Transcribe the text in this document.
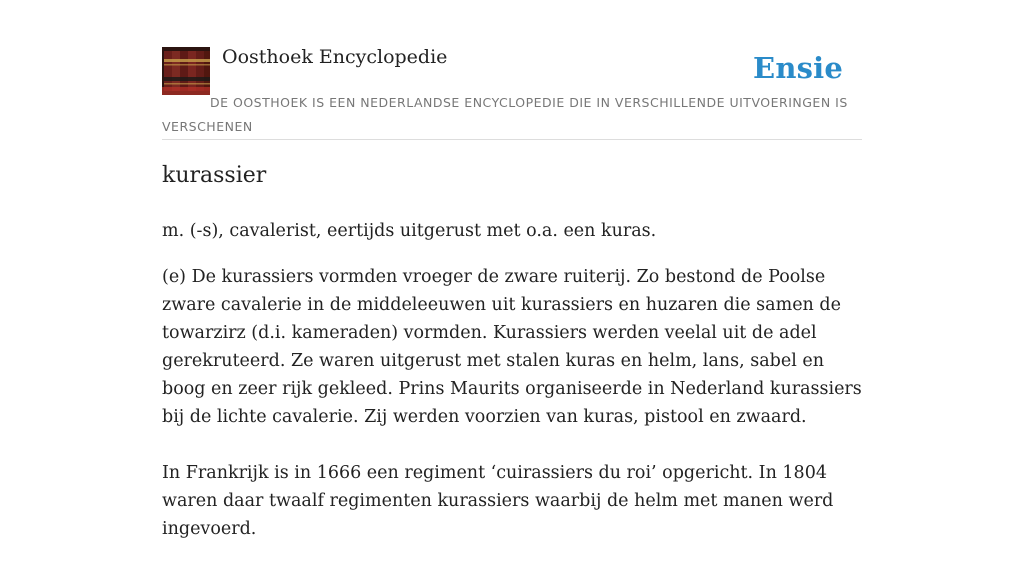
Oosthoek Encyclopedie	Ensie
DE OOSTHOEK IS EEN NEDERLANDSE ENCYCLOPEDIE DIE IN VERSCHILLENDE UITVOERINGEN IS VERSCHENEN
kurassier

m. (-s), cavalerist, eertijds uitgerust met o.a. een kuras.

(e) De kurassiers vormden vroeger de zware ruiterij. Zo bestond de Poolse zware cavalerie in de middeleeuwen uit kurassiers en huzaren die samen de towarzirz (d.i. kameraden) vormden. Kurassiers werden veelal uit de adel gerekruteerd. Ze waren uitgerust met stalen kuras en helm, lans, sabel en boog en zeer rijk gekleed. Prins Maurits organiseerde in Nederland kurassiers bij de lichte cavalerie. Zij werden voorzien van kuras, pistool en zwaard.

In Frankrijk is in 1666 een regiment ‘cuirassiers du roi’ opgericht. In 1804 waren daar twaalf regimenten kurassiers waarbij de helm met manen werd ingevoerd.
